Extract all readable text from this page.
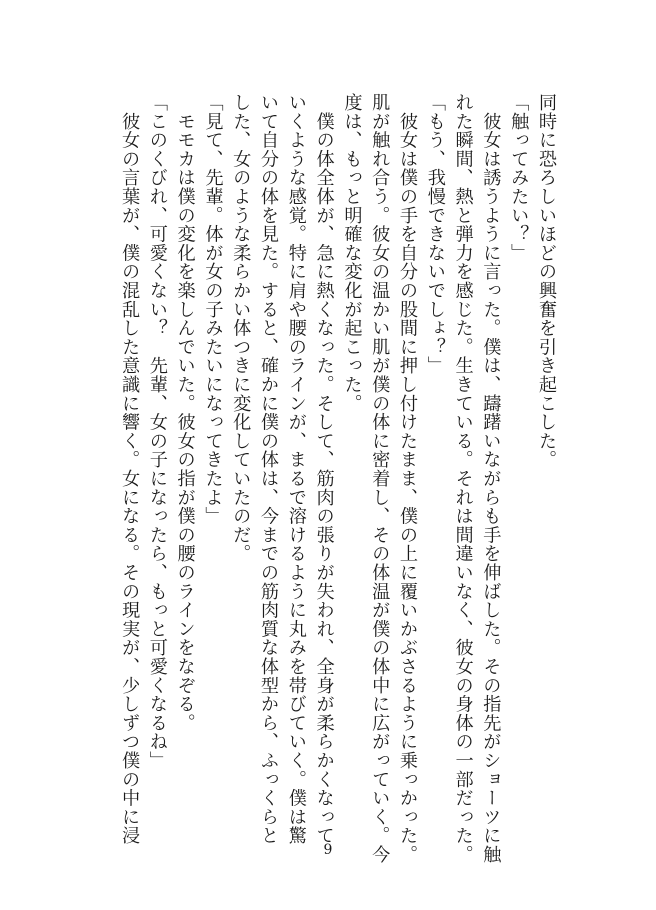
同時に恐ろしいほどの興奮を引き起こした。
「触ってみたい？」
　彼女は誘うように言った。僕は、躊躇いながらも手を伸ばした。その指先がショーツに触
れた瞬間、熱と弾力を感じた。生きている。それは間違いなく、彼女の身体の一部だった。
「もう、我慢できないでしょ？」
　彼女は僕の手を自分の股間に押し付けたまま、僕の上に覆いかぶさるように乗っかった。
肌が触れ合う。彼女の温かい肌が僕の体に密着し、その体温が僕の体中に広がっていく。今
度は、もっと明確な変化が起こった。
　僕の体全体が、急に熱くなった。そして、筋肉の張りが失われ、全身が柔らかくなって
いくような感覚。特に肩や腰のラインが、まるで溶けるように丸みを帯びていく。僕は驚
いて自分の体を見た。すると、確かに僕の体は、今までの筋肉質な体型から、ふっくらと
した、女のような柔らかい体つきに変化していたのだ。
「見て、先輩。体が女の子みたいになってきたよ」
　モモカは僕の変化を楽しんでいた。彼女の指が僕の腰のラインをなぞる。
「このくびれ、可愛くない？　先輩、女の子になったら、もっと可愛くなるね」
　彼女の言葉が、僕の混乱した意識に響く。女になる。その現実が、少しずつ僕の中に浸
9
